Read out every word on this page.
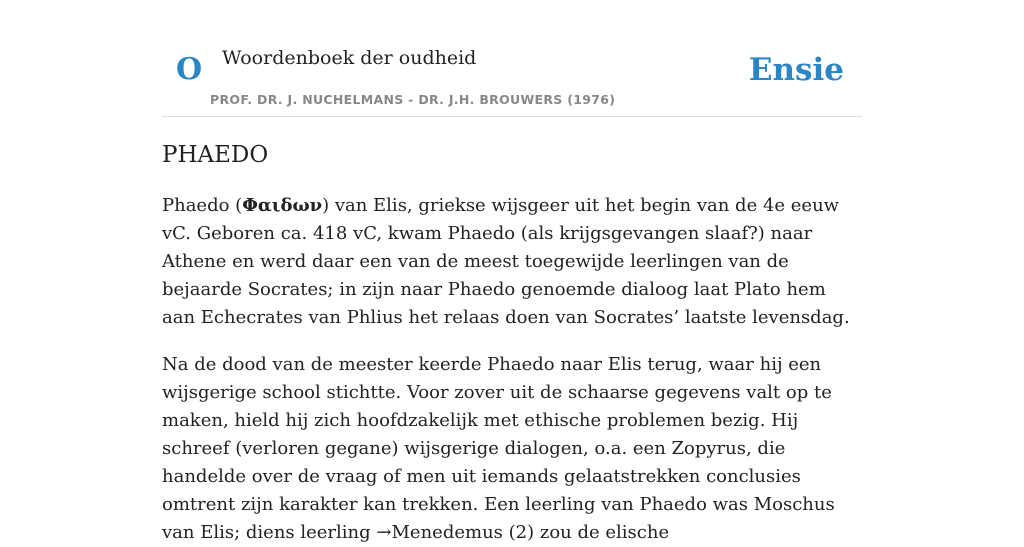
O Woordenboek der oudheid
PROF. DR. J. NUCHELMANS - DR. J.H. BROUWERS (1976)
Ensie
PHAEDO

Phaedo (Φαιδων) van Elis, griekse wijsgeer uit het begin van de 4e eeuw vC. Geboren ca. 418 vC, kwam Phaedo (als krijgsgevangen slaaf?) naar Athene en werd daar een van de meest toegewijde leerlingen van de bejaarde Socrates; in zijn naar Phaedo genoemde dialoog laat Plato hem aan Echecrates van Phlius het relaas doen van Socrates’ laatste levensdag.

Na de dood van de meester keerde Phaedo naar Elis terug, waar hij een wijsgerige school stichtte. Voor zover uit de schaarse gegevens valt op te maken, hield hij zich hoofdzakelijk met ethische problemen bezig. Hij schreef (verloren gegane) wijsgerige dialogen, o.a. een Zopyrus, die handelde over de vraag of men uit iemands gelaatstrekken conclusies omtrent zijn karakter kan trekken. Een leerling van Phaedo was Moschus van Elis; diens leerling →Menedemus (2) zou de elische
